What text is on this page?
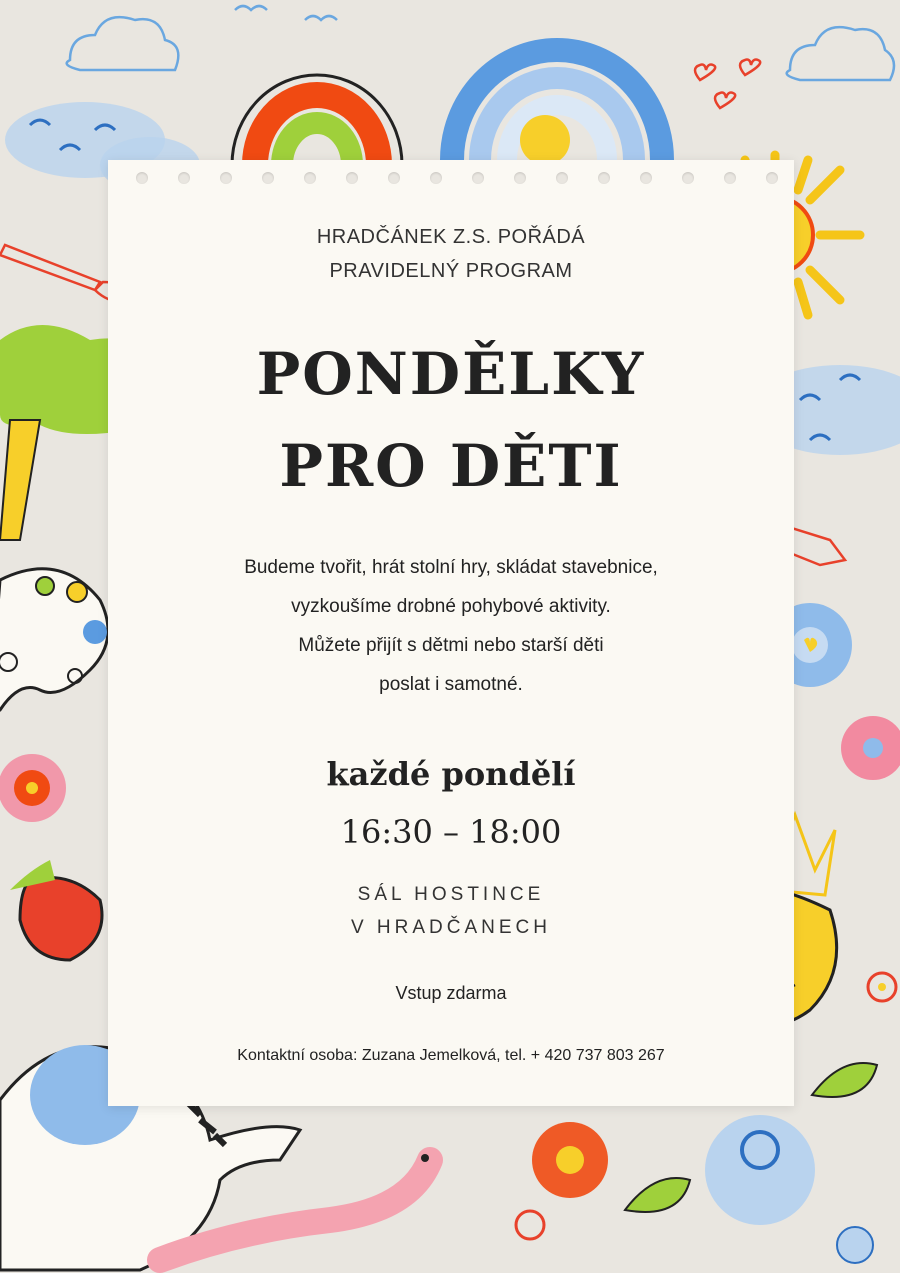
HRADČÁNEK Z.S. POŘÁDÁ
PRAVIDELNÝ PROGRAM
PONDĚLKY
PRO DĚTI
Budeme tvořit, hrát stolní hry, skládat stavebnice,
vyzkoušíme drobné pohybové aktivity.
Můžete přijít s dětmi nebo starší děti
poslat i samotné.
každé pondělí
16:30 – 18:00
SÁL HOSTINCE
V HRADČANECH
Vstup zdarma
Kontaktní osoba: Zuzana Jemelková, tel. + 420 737 803 267
